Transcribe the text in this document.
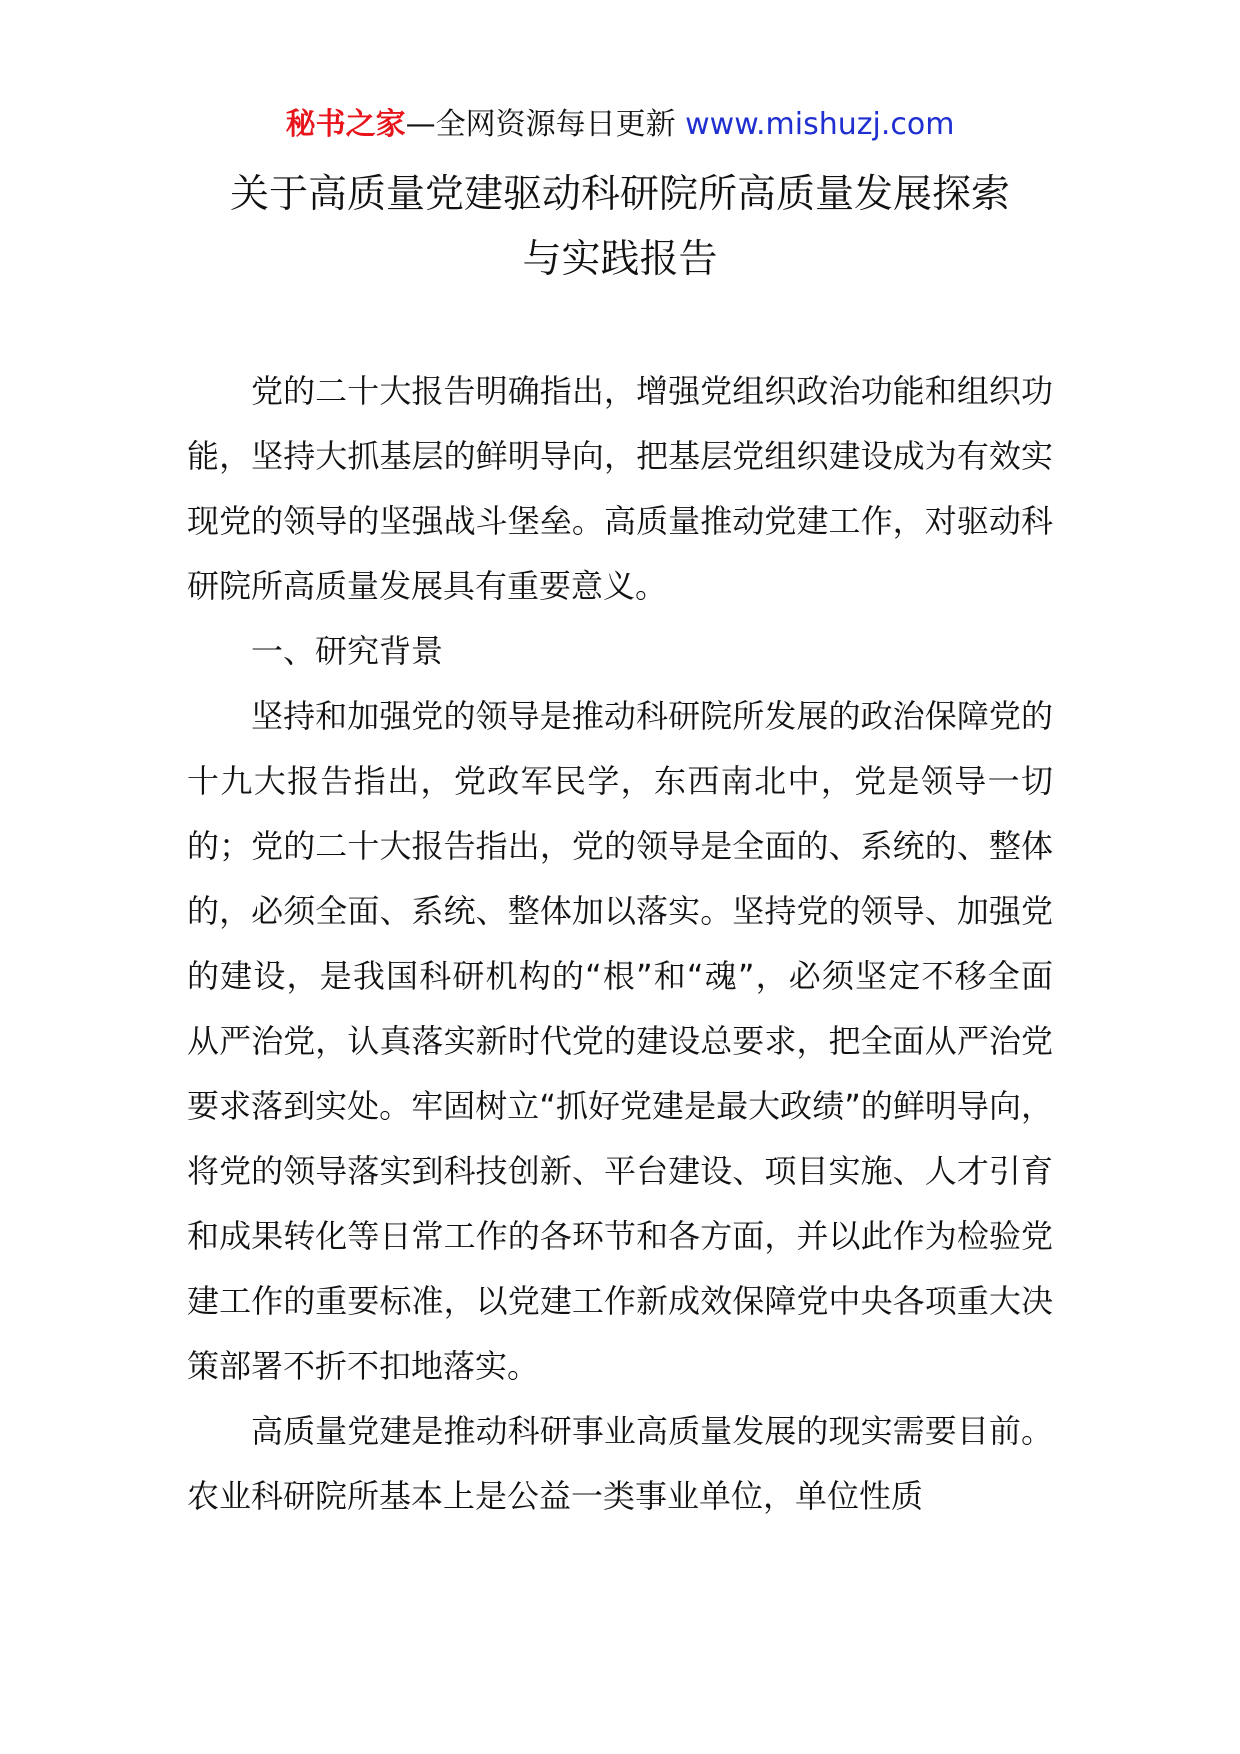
秘书之家—全网资源每日更新 www.mishuzj.com
关于高质量党建驱动科研院所高质量发展探索
与实践报告

党的二十大报告明确指出，增强党组织政治功能和组织功能，坚持大抓基层的鲜明导向，把基层党组织建设成为有效实现党的领导的坚强战斗堡垒。高质量推动党建工作，对驱动科研院所高质量发展具有重要意义。

一、研究背景

坚持和加强党的领导是推动科研院所发展的政治保障党的十九大报告指出，党政军民学，东西南北中，党是领导一切的；党的二十大报告指出，党的领导是全面的、系统的、整体的，必须全面、系统、整体加以落实。坚持党的领导、加强党的建设，是我国科研机构的“根”和“魂”，必须坚定不移全面从严治党，认真落实新时代党的建设总要求，把全面从严治党要求落到实处。牢固树立“抓好党建是最大政绩”的鲜明导向，将党的领导落实到科技创新、平台建设、项目实施、人才引育和成果转化等日常工作的各环节和各方面，并以此作为检验党建工作的重要标准，以党建工作新成效保障党中央各项重大决策部署不折不扣地落实。

高质量党建是推动科研事业高质量发展的现实需要目前。农业科研院所基本上是公益一类事业单位，单位性质
